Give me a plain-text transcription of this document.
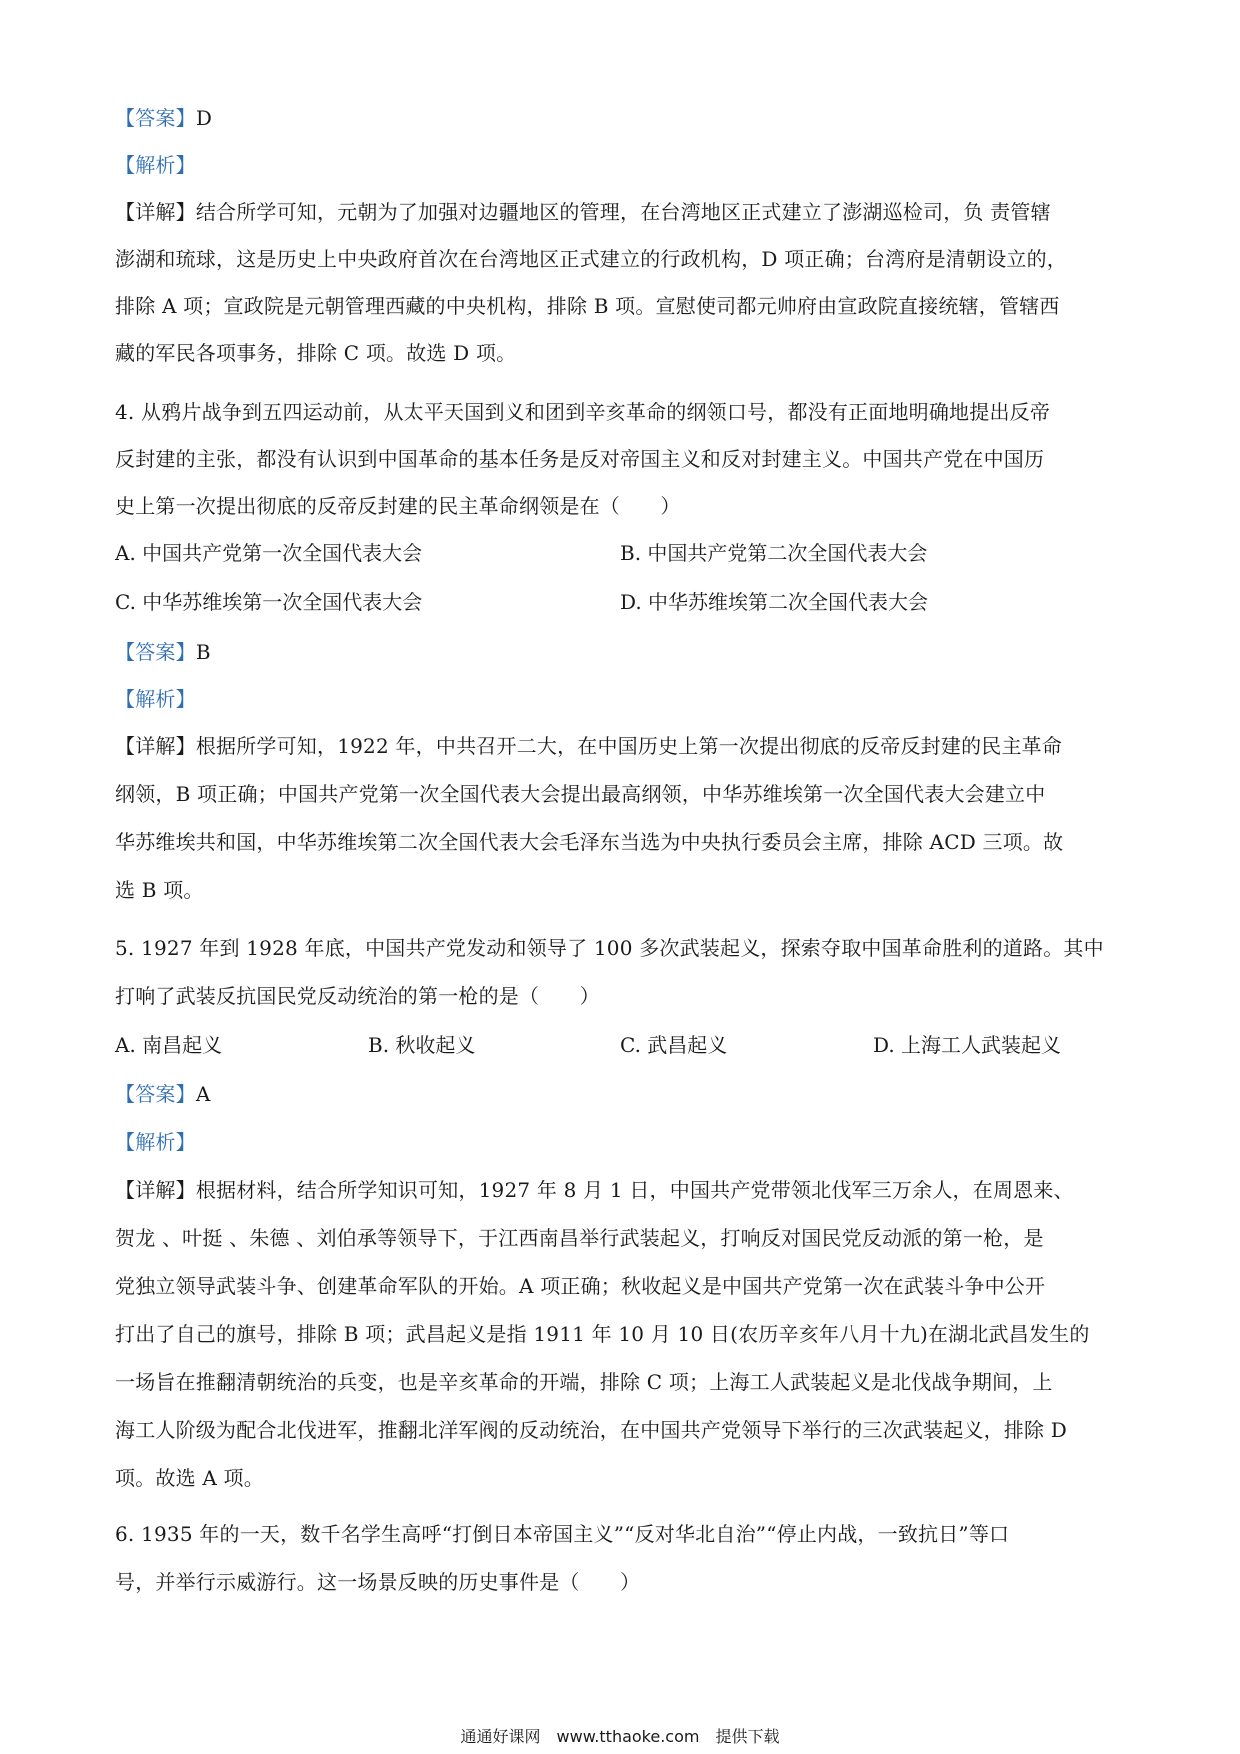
【答案】D
【解析】
【详解】结合所学可知，元朝为了加强对边疆地区的管理，在台湾地区正式建立了澎湖巡检司，负 责管辖
澎湖和琉球，这是历史上中央政府首次在台湾地区正式建立的行政机构，D 项正确；台湾府是清朝设立的，
排除 A 项；宣政院是元朝管理西藏的中央机构，排除 B 项。宣慰使司都元帅府由宣政院直接统辖，管辖西
藏的军民各项事务，排除 C 项。故选 D 项。
4. 从鸦片战争到五四运动前，从太平天国到义和团到辛亥革命的纲领口号，都没有正面地明确地提出反帝
反封建的主张，都没有认识到中国革命的基本任务是反对帝国主义和反对封建主义。中国共产党在中国历
史上第一次提出彻底的反帝反封建的民主革命纲领是在（　　）
A. 中国共产党第一次全国代表大会	B. 中国共产党第二次全国代表大会
C. 中华苏维埃第一次全国代表大会	D. 中华苏维埃第二次全国代表大会
【答案】B
【解析】
【详解】根据所学可知，1922 年，中共召开二大，在中国历史上第一次提出彻底的反帝反封建的民主革命
纲领，B 项正确；中国共产党第一次全国代表大会提出最高纲领，中华苏维埃第一次全国代表大会建立中
华苏维埃共和国，中华苏维埃第二次全国代表大会毛泽东当选为中央执行委员会主席，排除 ACD 三项。故
选 B 项。
5. 1927 年到 1928 年底，中国共产党发动和领导了 100 多次武装起义，探索夺取中国革命胜利的道路。其中
打响了武装反抗国民党反动统治的第一枪的是（　　）
A. 南昌起义	B. 秋收起义	C. 武昌起义	D. 上海工人武装起义
【答案】A
【解析】
【详解】根据材料，结合所学知识可知，1927 年 8 月 1 日，中国共产党带领北伐军三万余人，在周恩来、
贺龙 、叶挺 、朱德 、刘伯承等领导下，于江西南昌举行武装起义，打响反对国民党反动派的第一枪，是
党独立领导武装斗争、创建革命军队的开始。A 项正确；秋收起义是中国共产党第一次在武装斗争中公开
打出了自己的旗号，排除 B 项；武昌起义是指 1911 年 10 月 10 日(农历辛亥年八月十九)在湖北武昌发生的
一场旨在推翻清朝统治的兵变，也是辛亥革命的开端，排除 C 项；上海工人武装起义是北伐战争期间，上
海工人阶级为配合北伐进军，推翻北洋军阀的反动统治，在中国共产党领导下举行的三次武装起义，排除 D
项。故选 A 项。
6. 1935 年的一天，数千名学生高呼“打倒日本帝国主义”“反对华北自治”“停止内战，一致抗日”等口
号，并举行示威游行。这一场景反映的历史事件是（　　）
通通好课网　www.tthaoke.com　提供下载
